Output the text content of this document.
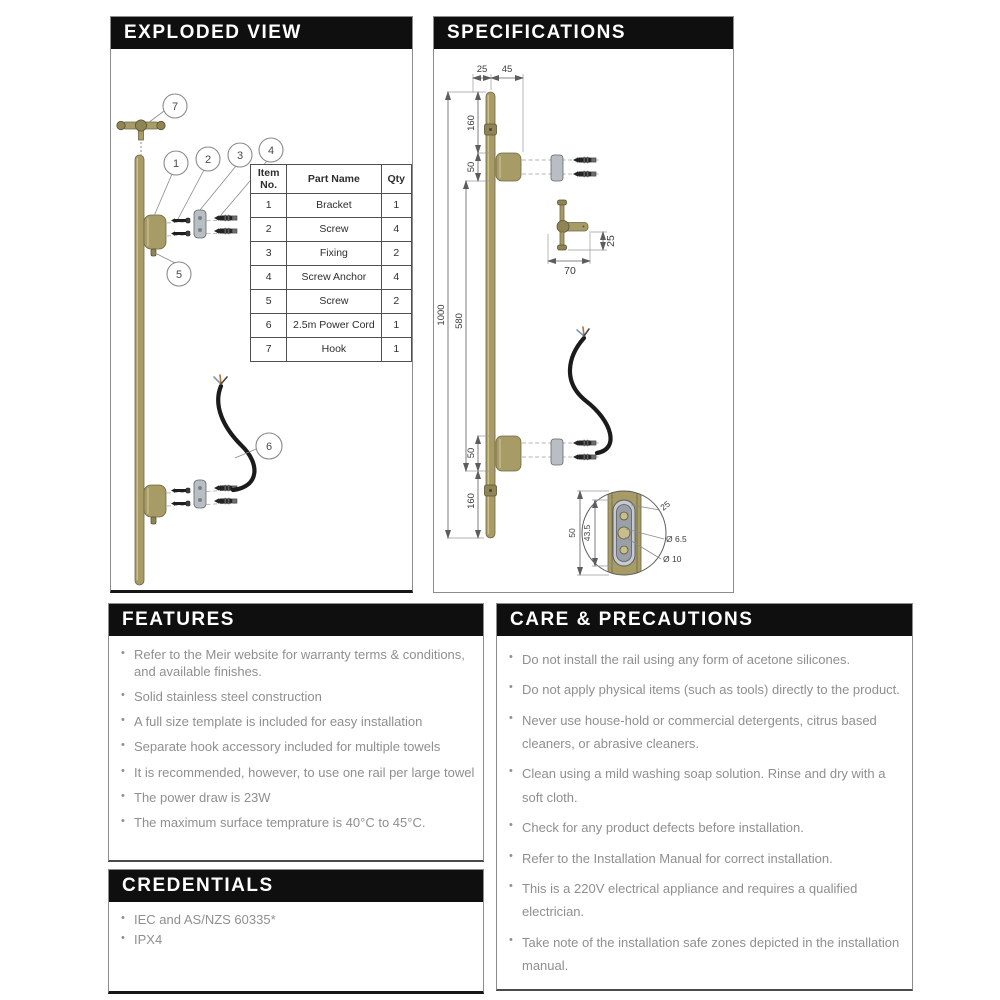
EXPLODED VIEW
7
1 2 3 4
5
6
Item No.	Part Name	Qty
1	Bracket	1
2	Screw	4
3	Fixing	2
4	Screw Anchor	4
5	Screw	2
6	2.5m Power Cord	1
7	Hook	1
SPECIFICATIONS
25 45
1000 580
160
50
50
160
70
25
50 43.5
25
Ø 6.5
Ø 10
FEATURES
• Refer to the Meir website for warranty terms & conditions, and available finishes.
• Solid stainless steel construction
• A full size template is included for easy installation
• Separate hook accessory included for multiple towels
• It is recommended, however, to use one rail per large towel
• The power draw is 23W
• The maximum surface temprature is 40°C to 45°C.
CARE & PRECAUTIONS
• Do not install the rail using any form of acetone silicones.
• Do not apply physical items (such as tools) directly to the product.
• Never use house-hold or commercial detergents, citrus based cleaners, or abrasive cleaners.
• Clean using a mild washing soap solution. Rinse and dry with a soft cloth.
• Check for any product defects before installation.
• Refer to the Installation Manual for correct installation.
• This is a 220V electrical appliance and requires a qualified electrician.
• Take note of the installation safe zones depicted in the installation manual.
CREDENTIALS
• IEC and AS/NZS 60335*
• IPX4
